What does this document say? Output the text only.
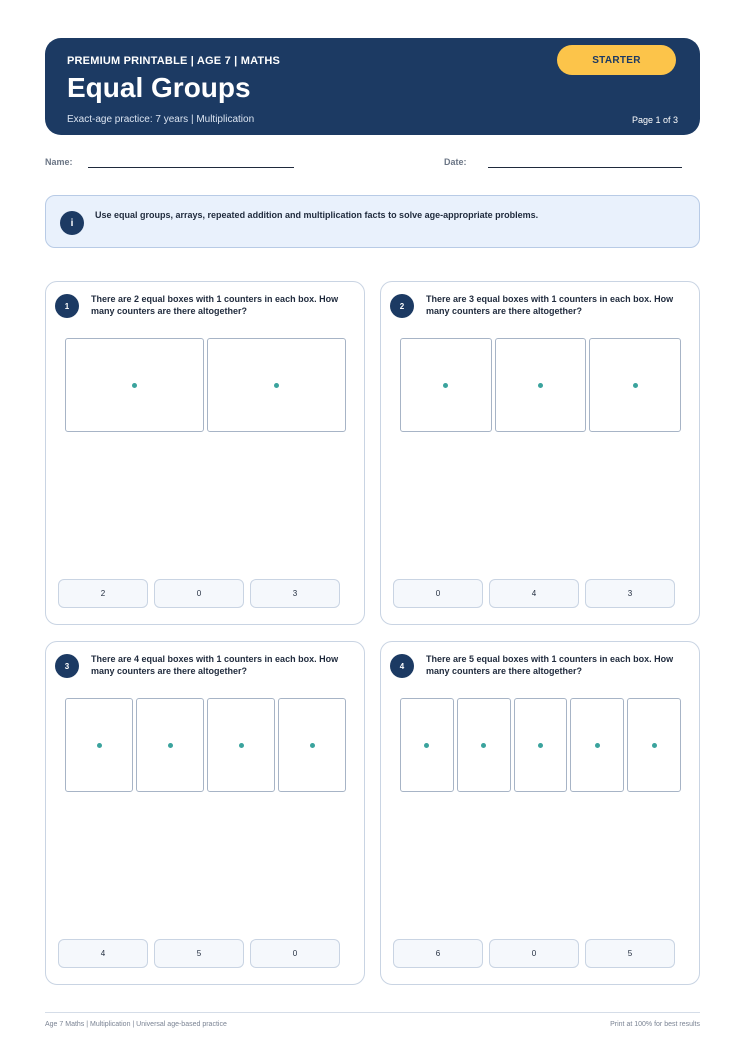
PREMIUM PRINTABLE | AGE 7 | MATHS
Equal Groups
Exact-age practice: 7 years | Multiplication
STARTER
Page 1 of 3
Name:	Date:
i
Use equal groups, arrays, repeated addition and multiplication facts to solve age-appropriate problems.
1
There are 2 equal boxes with 1 counters in each box. How many counters are there altogether?
2	0	3
2
There are 3 equal boxes with 1 counters in each box. How many counters are there altogether?
0	4	3
3
There are 4 equal boxes with 1 counters in each box. How many counters are there altogether?
4	5	0
4
There are 5 equal boxes with 1 counters in each box. How many counters are there altogether?
6	0	5
Age 7 Maths | Multiplication | Universal age-based practice	Print at 100% for best results
